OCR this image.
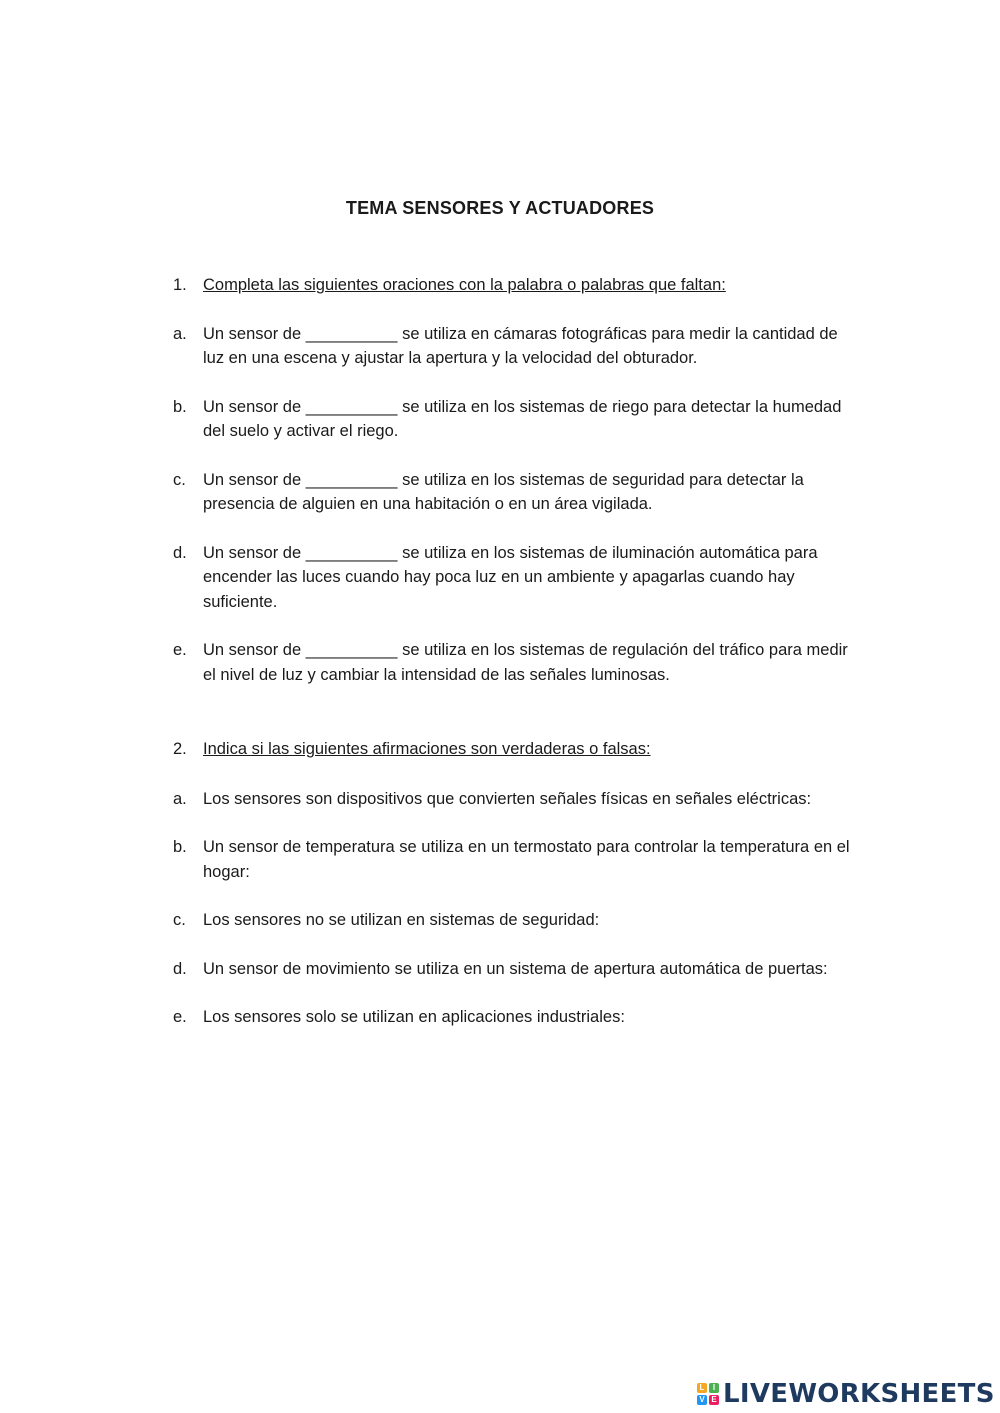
TEMA SENSORES Y ACTUADORES
1. Completa las siguientes oraciones con la palabra o palabras que faltan:
a. Un sensor de __________ se utiliza en cámaras fotográficas para medir la cantidad de luz en una escena y ajustar la apertura y la velocidad del obturador.
b. Un sensor de __________ se utiliza en los sistemas de riego para detectar la humedad del suelo y activar el riego.
c.	Un sensor de __________ se utiliza en los sistemas de seguridad para detectar la presencia de alguien en una habitación o en un área vigilada.
d. Un sensor de __________ se utiliza en los sistemas de iluminación automática para encender las luces cuando hay poca luz en un ambiente y apagarlas cuando hay suficiente.
e. Un sensor de __________ se utiliza en los sistemas de regulación del tráfico para medir el nivel de luz y cambiar la intensidad de las señales luminosas.
2. Indica si las siguientes afirmaciones son verdaderas o falsas:
a. Los sensores son dispositivos que convierten señales físicas en señales eléctricas:
b. Un sensor de temperatura se utiliza en un termostato para controlar la temperatura en el hogar:
c.	Los sensores no se utilizan en sistemas de seguridad:
d. Un sensor de movimiento se utiliza en un sistema de apertura automática de puertas:
e. Los sensores solo se utilizan en aplicaciones industriales:
L	I
V E LIVEWORKSHEETS
